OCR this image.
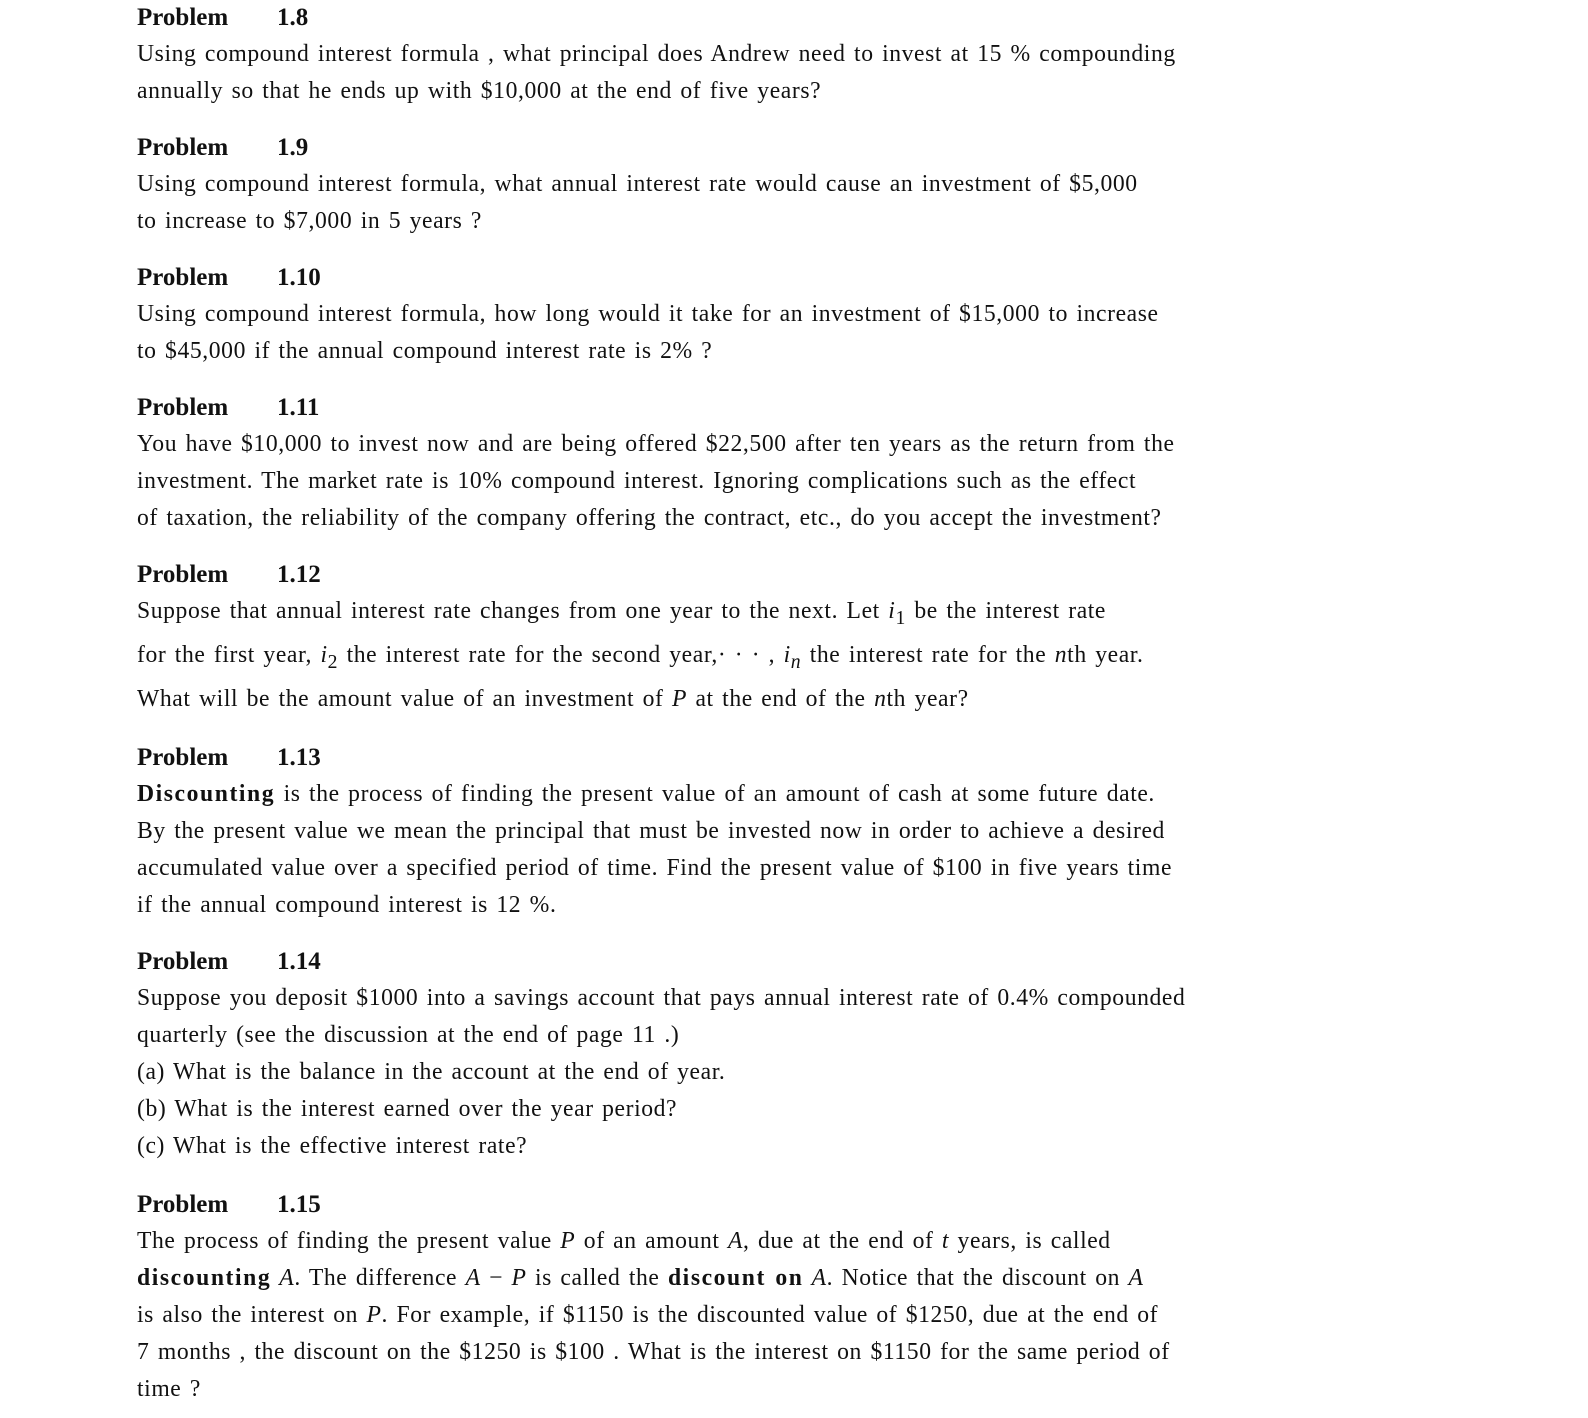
Problem 1.8
Using compound interest formula , what principal does Andrew need to invest at 15 % compounding
annually so that he ends up with $10,000 at the end of five years?
Problem 1.9
Using compound interest formula, what annual interest rate would cause an investment of $5,000
to increase to $7,000 in 5 years ?
Problem 1.10
Using compound interest formula, how long would it take for an investment of $15,000 to increase
to $45,000 if the annual compound interest rate is 2% ?
Problem 1.11
You have $10,000 to invest now and are being offered $22,500 after ten years as the return from the
investment. The market rate is 10% compound interest. Ignoring complications such as the effect
of taxation, the reliability of the company offering the contract, etc., do you accept the investment?
Problem 1.12
Suppose that annual interest rate changes from one year to the next. Let $i_1$ be the interest rate
for the first year, $i_2$ the interest rate for the second year,· · · , $i_n$ the interest rate for the nth year.
What will be the amount value of an investment of P at the end of the nth year?
Problem 1.13
Discounting is the process of finding the present value of an amount of cash at some future date.
By the present value we mean the principal that must be invested now in order to achieve a desired
accumulated value over a specified period of time. Find the present value of $100 in five years time
if the annual compound interest is 12 %.
Problem 1.14
Suppose you deposit $1000 into a savings account that pays annual interest rate of 0.4% compounded
quarterly (see the discussion at the end of page 11 .)
(a) What is the balance in the account at the end of year.
(b) What is the interest earned over the year period?
(c) What is the effective interest rate?
Problem 1.15
The process of finding the present value P of an amount A, due at the end of t years, is called
discounting A. The difference A − P is called the discount on A. Notice that the discount on A
is also the interest on P. For example, if $1150 is the discounted value of $1250, due at the end of
7 months , the discount on the $1250 is $100 . What is the interest on $1150 for the same period of
time ?
